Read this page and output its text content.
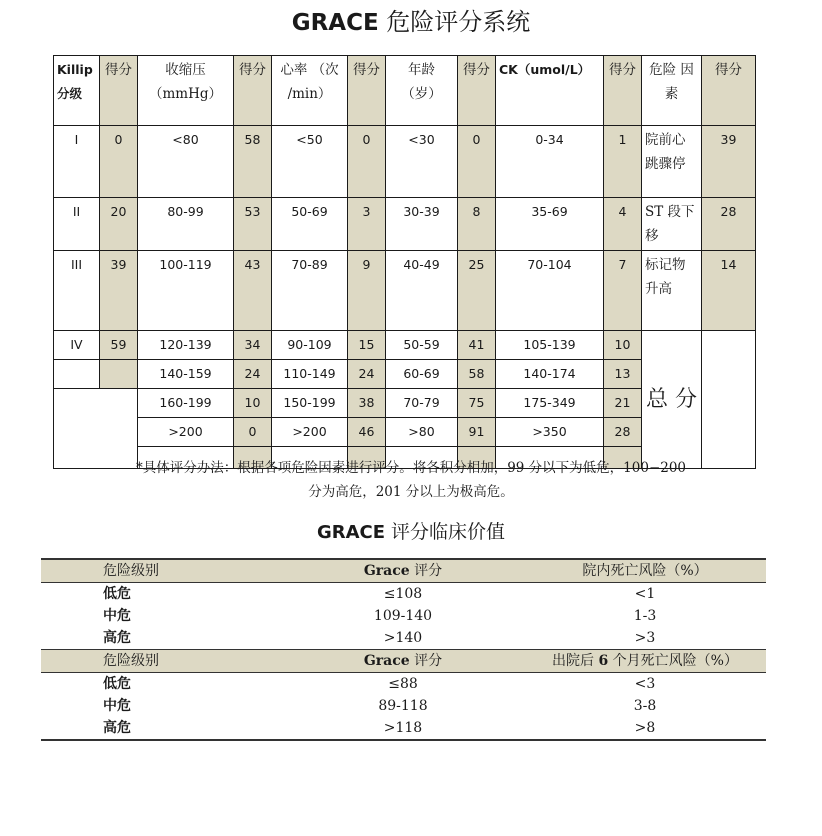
GRACE 危险评分系统
Killip 分级	得分	收缩压 （mmHg）	得分	心率 （次 /min）	得分	年龄 （岁）	得分	CK（umol/L）	得分	危险 因素	得分
I	0	<80	58	<50	0	<30	0	0-34	1	院前心跳骤停	39
II	20	80-99	53	50-69	3	30-39	8	35-69	4	ST 段下移	28
III	39	100-119	43	70-89	9	40-49	25	70-104	7	标记物升高	14
IV	59	120-139	34	90-109	15	50-59	41	105-139	10	总 分	
		140-159	24	110-149	24	60-69	58	140-174	13		
		160-199	10	150-199	38	70-79	75	175-349	21		
		>200	0	>200	46	>80	91	>350	28		

*具体评分办法：根据各项危险因素进行评分。将各积分相加，99 分以下为低危，100−200
分为高危，201 分以上为极高危。
GRACE 评分临床价值
危险级别	Grace 评分	院内死亡风险（%）
低危	≤108	<1
中危	109-140	1-3
高危	>140	>3
危险级别	Grace 评分	出院后 6 个月死亡风险（%）
低危	≤88	<3
中危	89-118	3-8
高危	>118	>8
